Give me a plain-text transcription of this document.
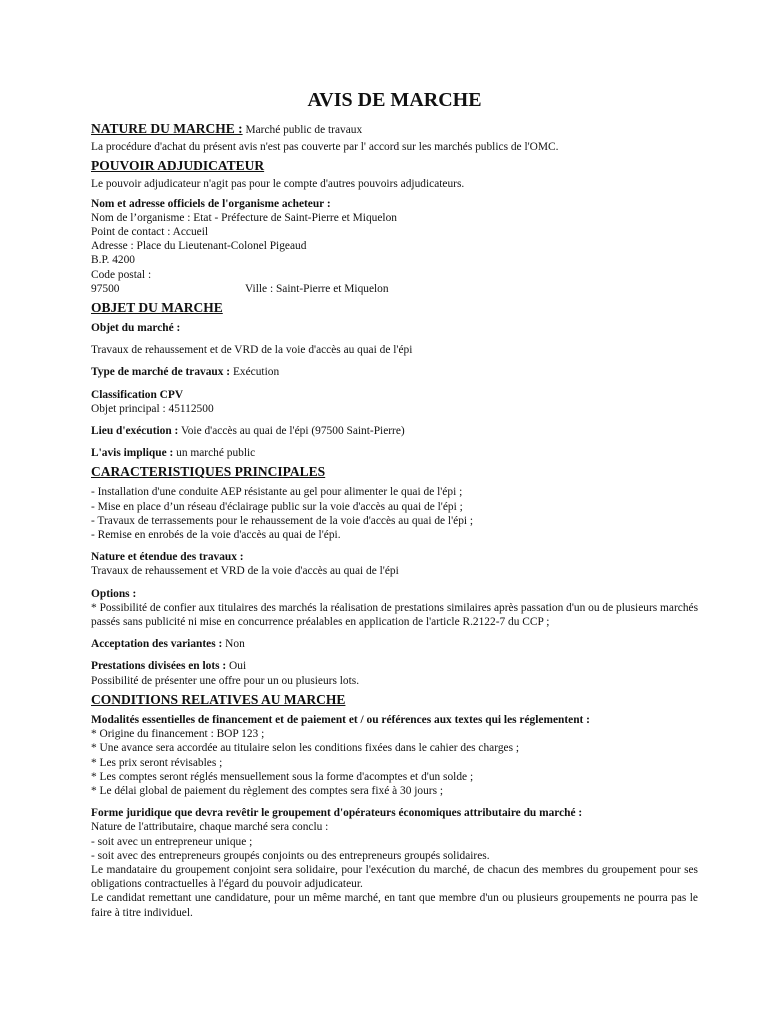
AVIS DE MARCHE
NATURE DU MARCHE : Marché public de travaux
La procédure d'achat du présent avis n'est pas couverte par l' accord sur les marchés publics de l'OMC.
POUVOIR ADJUDICATEUR
Le pouvoir adjudicateur n'agit pas pour le compte d'autres pouvoirs adjudicateurs.
Nom et adresse officiels de l'organisme acheteur :
Nom de l’organisme : Etat - Préfecture de Saint-Pierre et Miquelon
Point de contact : Accueil
Adresse : Place du Lieutenant-Colonel Pigeaud
B.P. 4200
Code postal : 97500	Ville : Saint-Pierre et Miquelon
OBJET DU MARCHE
Objet du marché :
Travaux de rehaussement et de VRD de la voie d'accès au quai de l'épi
Type de marché de travaux : Exécution
Classification CPV
Objet principal : 45112500
Lieu d'exécution : Voie d'accès au quai de l'épi (97500 Saint-Pierre)
L'avis implique : un marché public
CARACTERISTIQUES PRINCIPALES
- Installation d'une conduite AEP résistante au gel pour alimenter le quai de l'épi ;
- Mise en place d’un réseau d'éclairage public sur la voie d'accès au quai de l'épi ;
- Travaux de terrassements pour le rehaussement de la voie d'accès au quai de l'épi ;
- Remise en enrobés de la voie d'accès au quai de l'épi.
Nature et étendue des travaux :
Travaux de rehaussement et VRD de la voie d'accès au quai de l'épi
Options :
* Possibilité de confier aux titulaires des marchés la réalisation de prestations similaires après passation d'un ou de plusieurs marchés passés sans publicité ni mise en concurrence préalables en application de l'article R.2122-7 du CCP ;
Acceptation des variantes : Non
Prestations divisées en lots : Oui
Possibilité de présenter une offre pour un ou plusieurs lots.
CONDITIONS RELATIVES AU MARCHE
Modalités essentielles de financement et de paiement et / ou références aux textes qui les réglementent :
* Origine du financement : BOP 123 ;
* Une avance sera accordée au titulaire selon les conditions fixées dans le cahier des charges ;
* Les prix seront révisables ;
* Les comptes seront réglés mensuellement sous la forme d'acomptes et d'un solde ;
* Le délai global de paiement du règlement des comptes sera fixé à 30 jours ;
Forme juridique que devra revêtir le groupement d'opérateurs économiques attributaire du marché :
Nature de l'attributaire, chaque marché sera conclu :
- soit avec un entrepreneur unique ;
- soit avec des entrepreneurs groupés conjoints ou des entrepreneurs groupés solidaires.
Le mandataire du groupement conjoint sera solidaire, pour l'exécution du marché, de chacun des membres du groupement pour ses obligations contractuelles à l'égard du pouvoir adjudicateur.
Le candidat remettant une candidature, pour un même marché, en tant que membre d'un ou plusieurs groupements ne pourra pas le faire à titre individuel.
